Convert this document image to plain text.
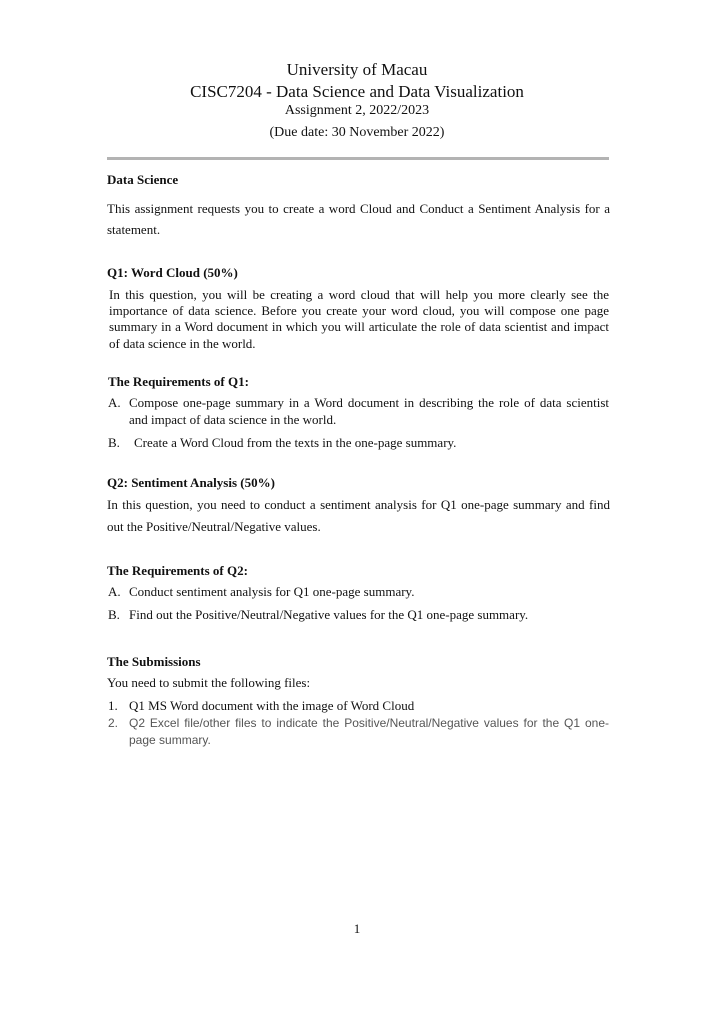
University of Macau
CISC7204 - Data Science and Data Visualization
Assignment 2, 2022/2023
(Due date: 30 November 2022)
Data Science
This assignment requests you to create a word Cloud and Conduct a Sentiment Analysis for a
statement.
Q1: Word Cloud (50%)
In this question, you will be creating a word cloud that will help you more clearly see the
importance of data science. Before you create your word cloud, you will compose one page
summary in a Word document in which you will articulate the role of data scientist and impact
of data science in the world.
The Requirements of Q1:
A. Compose one-page summary in a Word document in describing the role of data scientist
and impact of data science in the world.
B. Create a Word Cloud from the texts in the one-page summary.
Q2: Sentiment Analysis (50%)
In this question, you need to conduct a sentiment analysis for Q1 one-page summary and find
out the Positive/Neutral/Negative values.
The Requirements of Q2:
A. Conduct sentiment analysis for Q1 one-page summary.
B. Find out the Positive/Neutral/Negative values for the Q1 one-page summary.
The Submissions
You need to submit the following files:
1. Q1 MS Word document with the image of Word Cloud
2. Q2 Excel file/other files to indicate the Positive/Neutral/Negative values for the Q1 one-
page summary.
1
